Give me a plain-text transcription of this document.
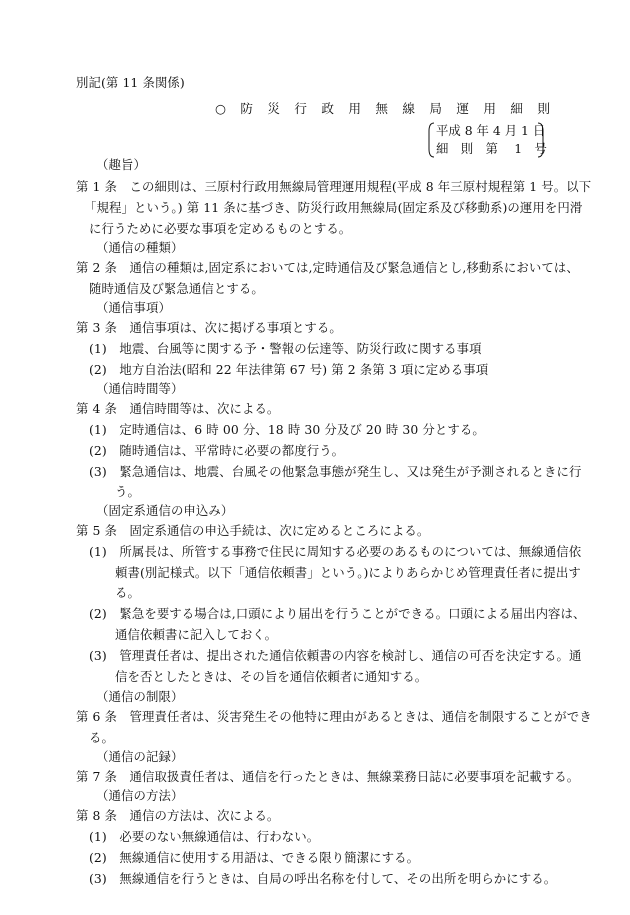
別記(第 11 条関係)
○ 防 災 行 政 用 無 線 局 運 用 細 則
平成 8 年 4 月 1 日
細　則　第　 1　号
（趣旨）
第 1 条　この細則は、三原村行政用無線局管理運用規程(平成 8 年三原村規程第 1 号。以下
「規程」という。) 第 11 条に基づき、防災行政用無線局(固定系及び移動系)の運用を円滑
に行うために必要な事項を定めるものとする。
（通信の種類）
第 2 条　通信の種類は,固定系においては,定時通信及び緊急通信とし,移動系においては、
随時通信及び緊急通信とする。
（通信事項）
第 3 条　通信事項は、次に掲げる事項とする。
(1)　地震、台風等に関する予・警報の伝達等、防災行政に関する事項
(2)　地方自治法(昭和 22 年法律第 67 号) 第 2 条第 3 項に定める事項
（通信時間等）
第 4 条　通信時間等は、次による。
(1)　定時通信は、6 時 00 分、18 時 30 分及び 20 時 30 分とする。
(2)　随時通信は、平常時に必要の都度行う。
(3)　緊急通信は、地震、台風その他緊急事態が発生し、又は発生が予測されるときに行
う。
（固定系通信の申込み）
第 5 条　固定系通信の申込手続は、次に定めるところによる。
(1)　所属長は、所管する事務で住民に周知する必要のあるものについては、無線通信依
頼書(別記様式。以下「通信依頼書」という。)によりあらかじめ管理責任者に提出す
る。
(2)　緊急を要する場合は,口頭により届出を行うことができる。口頭による届出内容は、
通信依頼書に記入しておく。
(3)　管理責任者は、提出された通信依頼書の内容を検討し、通信の可否を決定する。通
信を否としたときは、その旨を通信依頼者に通知する。
（通信の制限）
第 6 条　管理責任者は、災害発生その他特に理由があるときは、通信を制限することができ
る。
（通信の記録）
第 7 条　通信取扱責任者は、通信を行ったときは、無線業務日誌に必要事項を記載する。
（通信の方法）
第 8 条　通信の方法は、次による。
(1)　必要のない無線通信は、行わない。
(2)　無線通信に使用する用語は、できる限り簡潔にする。
(3)　無線通信を行うときは、自局の呼出名称を付して、その出所を明らかにする。
